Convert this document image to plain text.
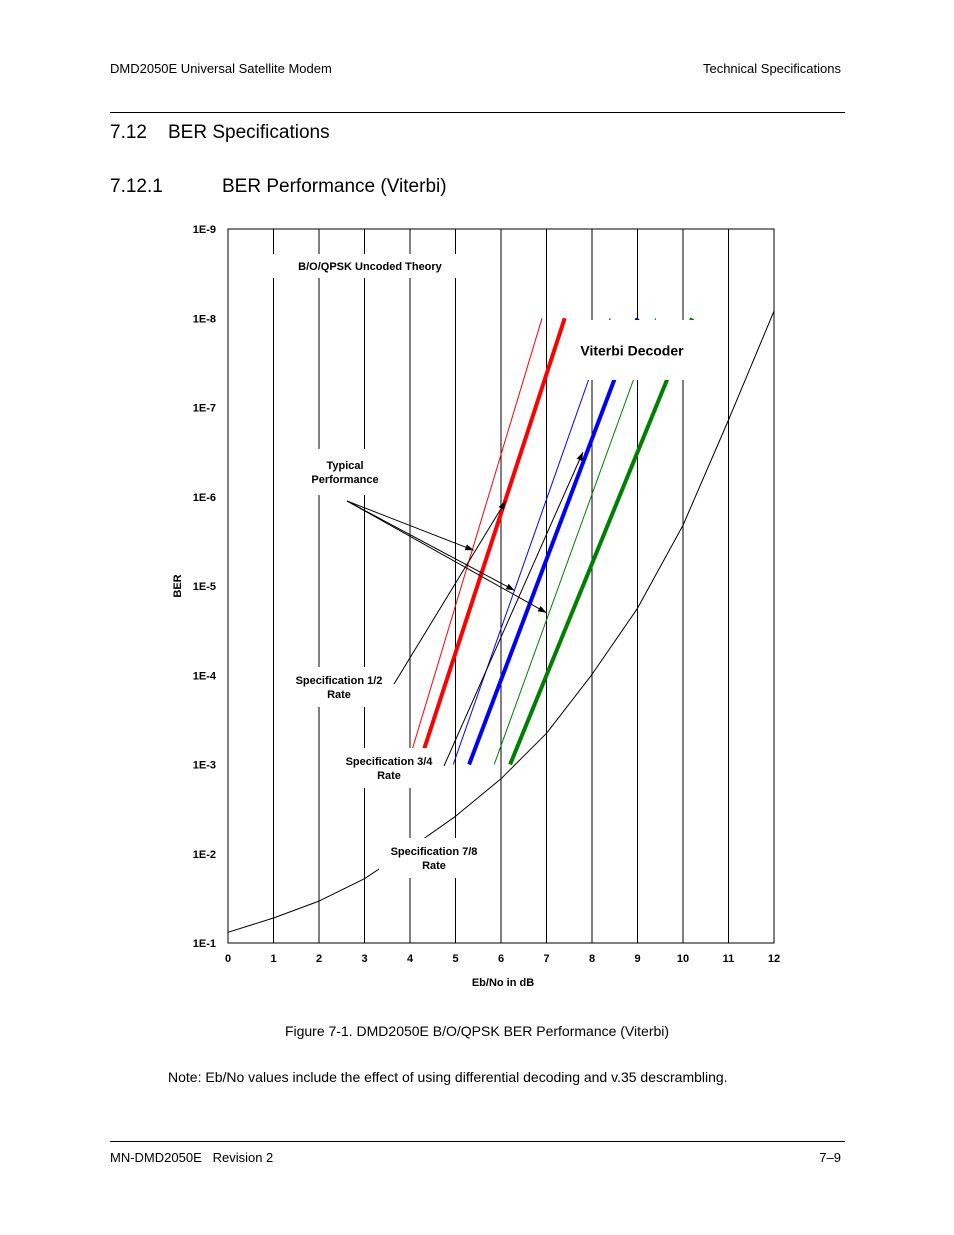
DMD2050E Universal Satellite Modem	Technical Specifications
7.12 BER Specifications
7.12.1	BER Performance (Viterbi)
0	1	2	3	4	5	6	7	8	9	10	11	12
1E-1
1E-2
1E-3
1E-4
1E-5
1E-6
1E-7
1E-8
1E-9
Eb/No in dB
BER
B/O/QPSK Uncoded Theory
Viterbi Decoder
Typical
Performance
Specification 1/2
Rate
Specification 3/4
Rate
Specification 7/8
Rate
Figure 7-1. DMD2050E B/O/QPSK BER Performance (Viterbi)
Note: Eb/No values include the effect of using differential decoding and v.35 descrambling.
MN-DMD2050E   Revision 2	7–9
